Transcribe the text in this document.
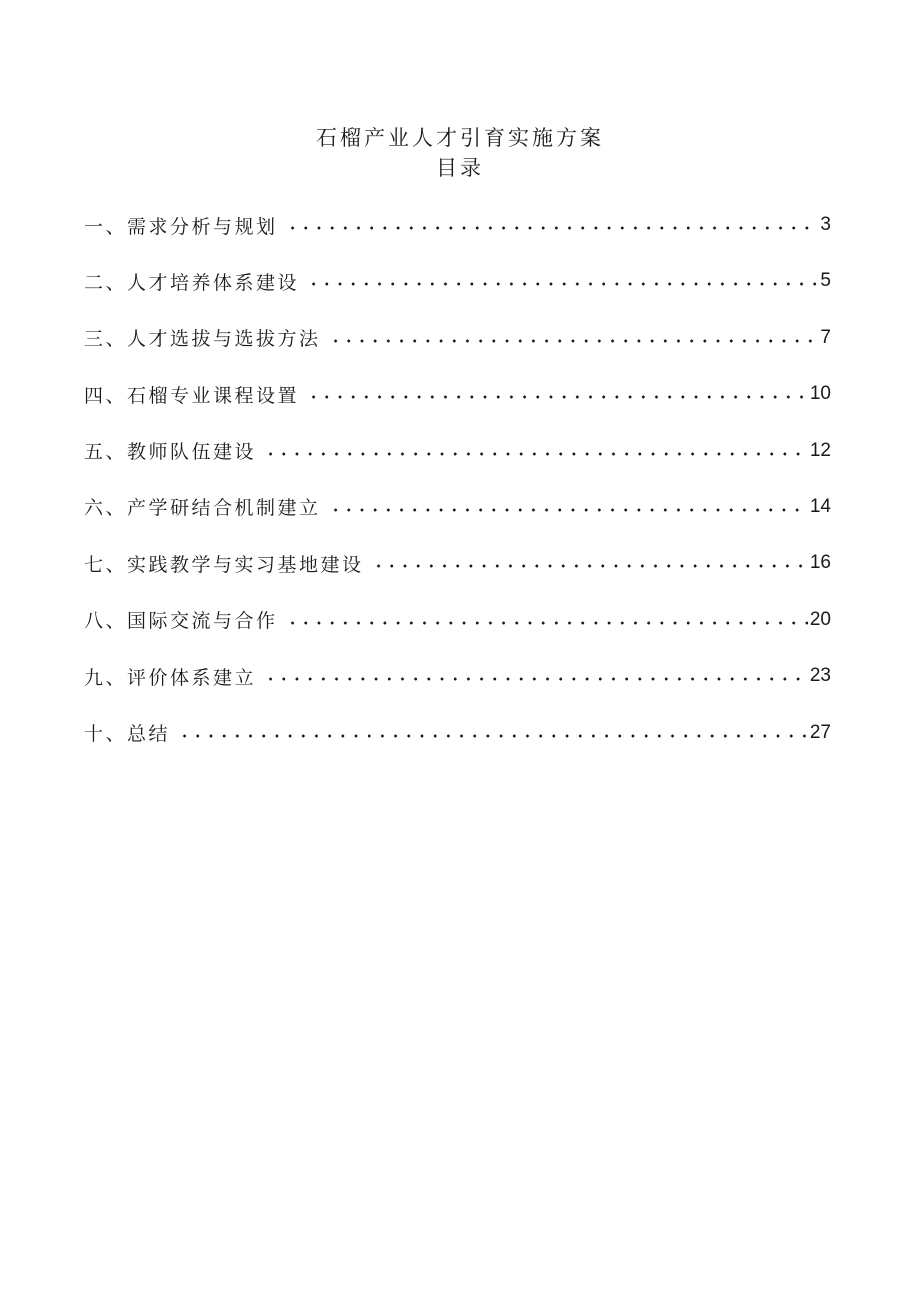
石榴产业人才引育实施方案
目录
一、需求分析与规划	3
二、人才培养体系建设	5
三、人才选拔与选拔方法	7
四、石榴专业课程设置	10
五、教师队伍建设	12
六、产学研结合机制建立	14
七、实践教学与实习基地建设	16
八、国际交流与合作	20
九、评价体系建立	23
十、总结	27
